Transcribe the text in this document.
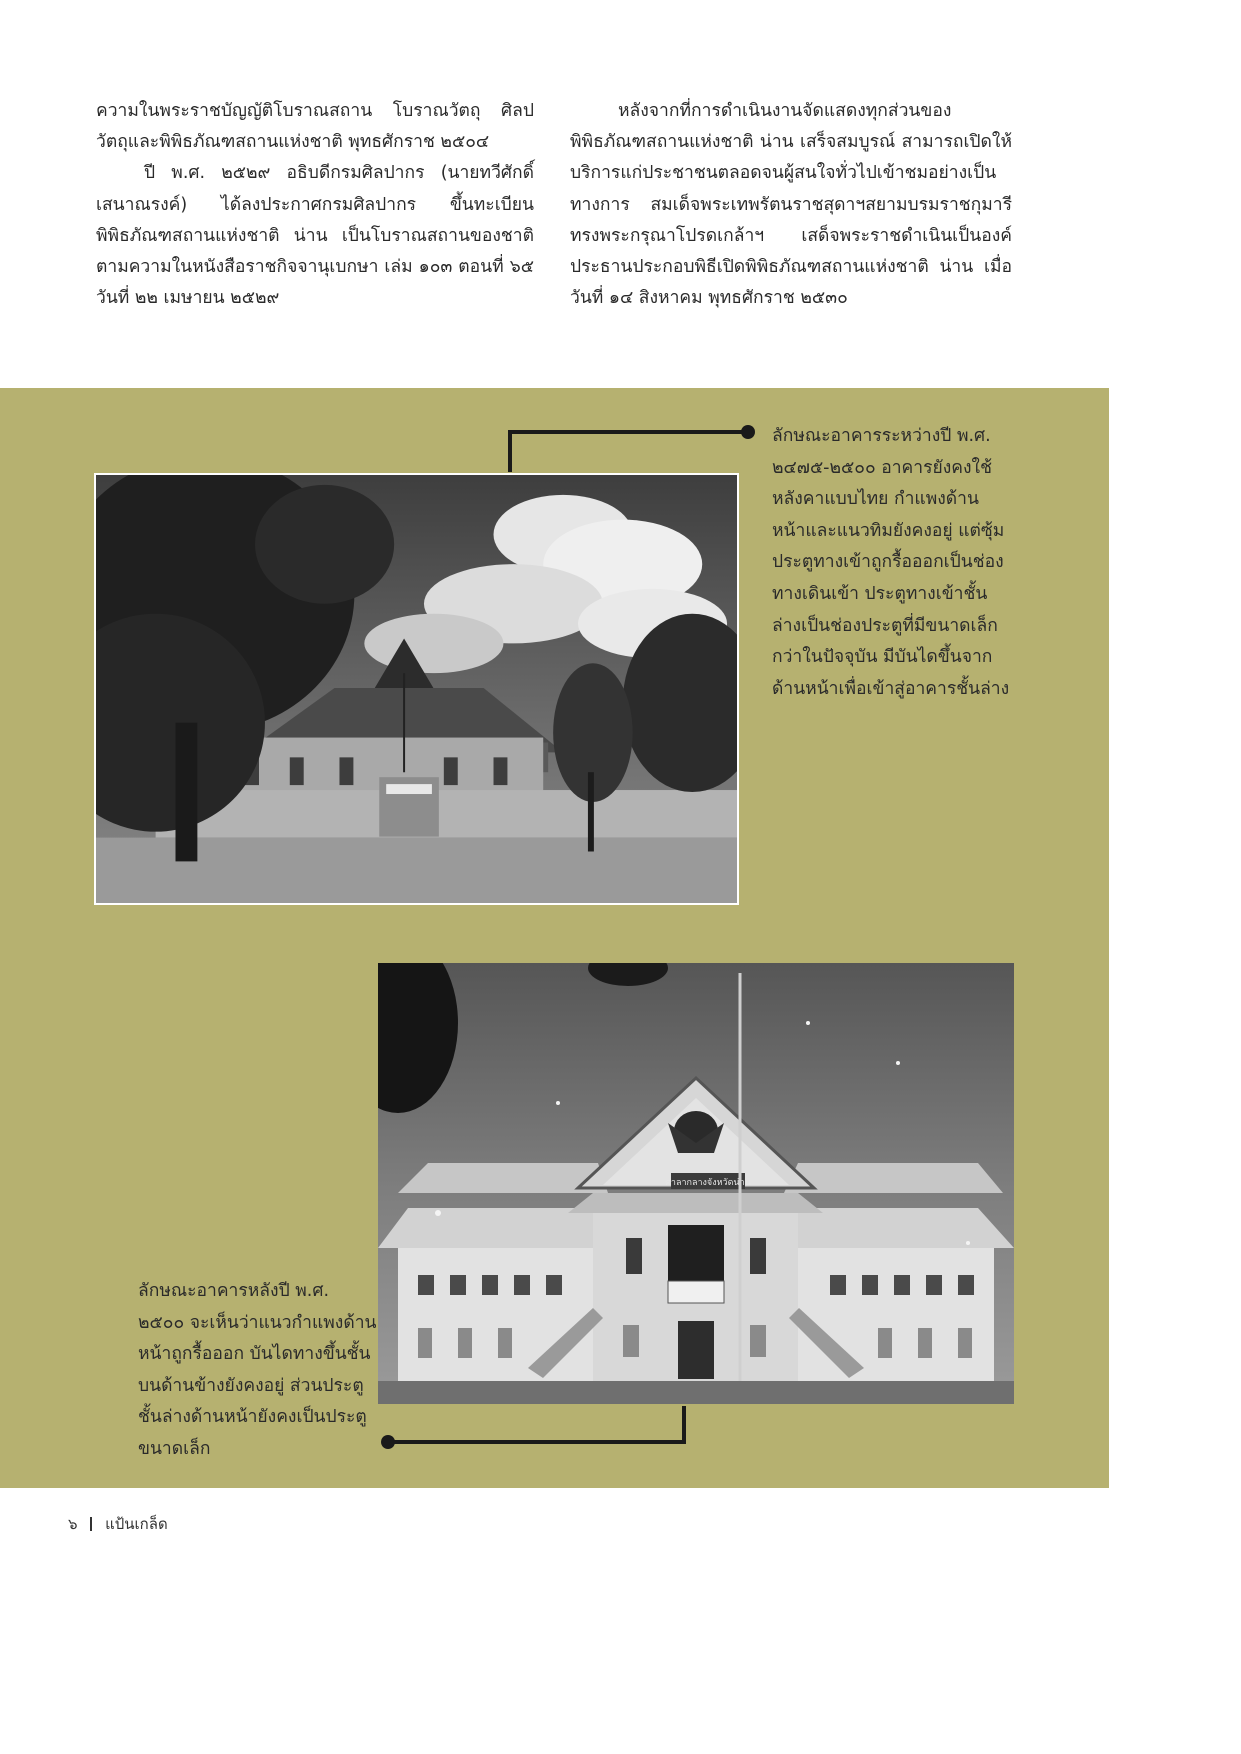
ความในพระราชบัญญัติโบราณสถาน โบราณวัตถุ ศิลปวัตถุและพิพิธภัณฑสถานแห่งชาติ พุทธศักราช ๒๕๐๔

ปี พ.ศ. ๒๕๒๙ อธิบดีกรมศิลปากร (นายทวีศักดิ์ เสนาณรงค์) ได้ลงประกาศกรมศิลปากร ขึ้นทะเบียนพิพิธภัณฑสถานแห่งชาติ น่าน เป็นโบราณสถานของชาติ ตามความในหนังสือราชกิจจานุเบกษา เล่ม ๑๐๓ ตอนที่ ๖๕ วันที่ ๒๒ เมษายน ๒๕๒๙

หลังจากที่การดำเนินงานจัดแสดงทุกส่วนของพิพิธภัณฑสถานแห่งชาติ น่าน เสร็จสมบูรณ์ สามารถเปิดให้บริการแก่ประชาชนตลอดจนผู้สนใจทั่วไปเข้าชมอย่างเป็นทางการ สมเด็จพระเทพรัตนราชสุดาฯสยามบรมราชกุมารี ทรงพระกรุณาโปรดเกล้าฯ เสด็จพระราชดำเนินเป็นองค์ประธานประกอบพิธีเปิดพิพิธภัณฑสถานแห่งชาติ น่าน เมื่อวันที่ ๑๔ สิงหาคม พุทธศักราช ๒๕๓๐

ลักษณะอาคารระหว่างปี พ.ศ. ๒๔๗๕-๒๕๐๐ อาคารยังคงใช้หลังคาแบบไทย กำแพงด้านหน้าและแนวทิมยังคงอยู่ แต่ซุ้มประตูทางเข้าถูกรื้อออกเป็นช่องทางเดินเข้า ประตูทางเข้าชั้นล่างเป็นช่องประตูที่มีขนาดเล็กกว่าในปัจจุบัน มีบันไดขึ้นจากด้านหน้าเพื่อเข้าสู่อาคารชั้นล่าง
ศาลากลางจังหวัดน่าน
ลักษณะอาคารหลังปี พ.ศ. ๒๕๐๐ จะเห็นว่าแนวกำแพงด้านหน้าถูกรื้อออก บันไดทางขึ้นชั้นบนด้านข้างยังคงอยู่ ส่วนประตูชั้นล่างด้านหน้ายังคงเป็นประตูขนาดเล็ก
๖ แป้นเกล็ด
